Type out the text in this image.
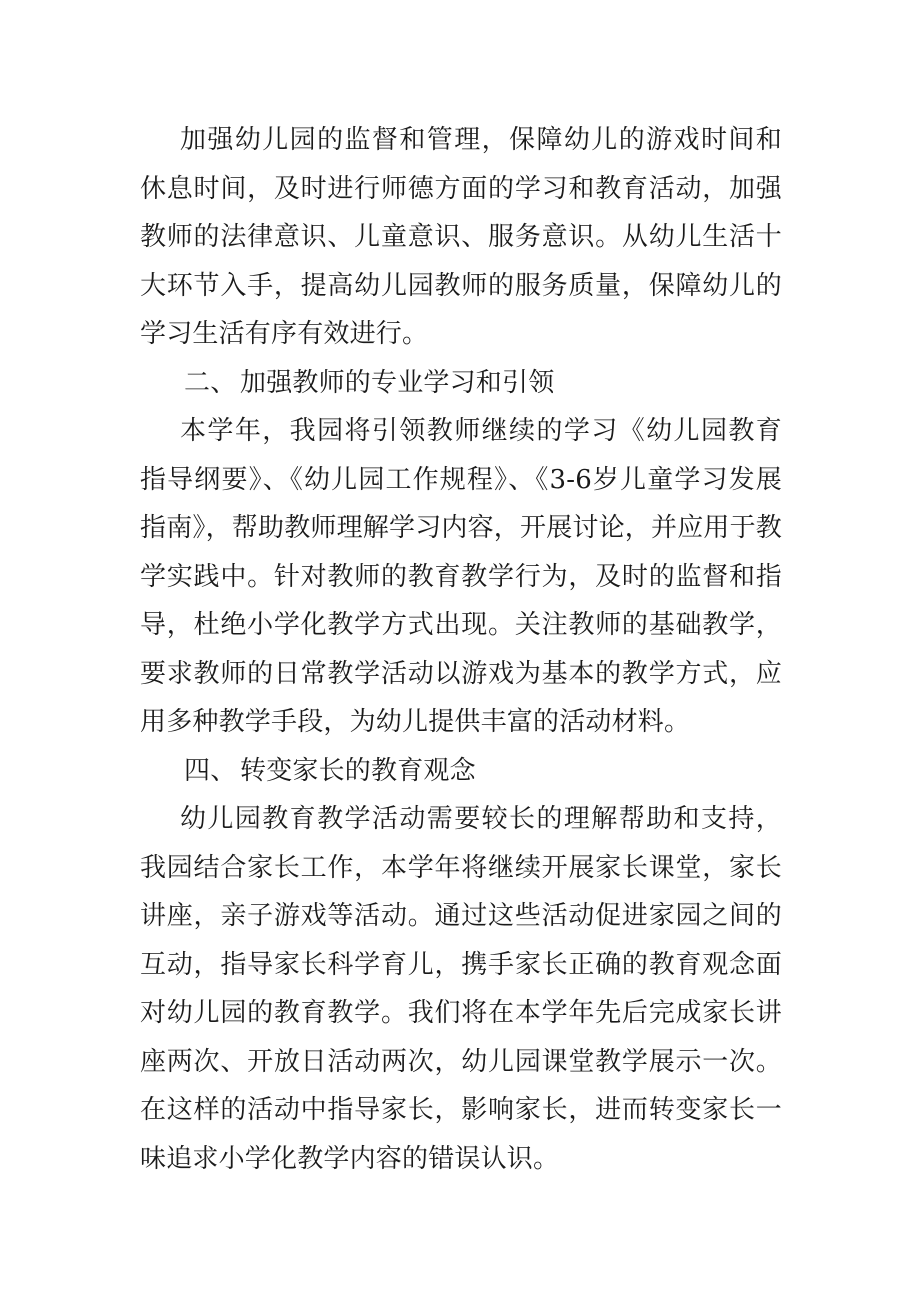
加强幼儿园的监督和管理，保障幼儿的游戏时间和休息时间，及时进行师德方面的学习和教育活动，加强教师的法律意识、儿童意识、服务意识。从幼儿生活十大环节入手，提高幼儿园教师的服务质量，保障幼儿的学习生活有序有效进行。

二、 加强教师的专业学习和引领

本学年，我园将引领教师继续的学习《幼儿园教育指导纲要》、《幼儿园工作规程》、《3-6岁儿童学习发展指南》，帮助教师理解学习内容，开展讨论，并应用于教学实践中。针对教师的教育教学行为，及时的监督和指导，杜绝小学化教学方式出现。关注教师的基础教学，要求教师的日常教学活动以游戏为基本的教学方式，应用多种教学手段，为幼儿提供丰富的活动材料。

四、 转变家长的教育观念

幼儿园教育教学活动需要较长的理解帮助和支持，我园结合家长工作，本学年将继续开展家长课堂，家长讲座，亲子游戏等活动。通过这些活动促进家园之间的互动，指导家长科学育儿，携手家长正确的教育观念面对幼儿园的教育教学。我们将在本学年先后完成家长讲座两次、开放日活动两次，幼儿园课堂教学展示一次。在这样的活动中指导家长，影响家长，进而转变家长一味追求小学化教学内容的错误认识。
